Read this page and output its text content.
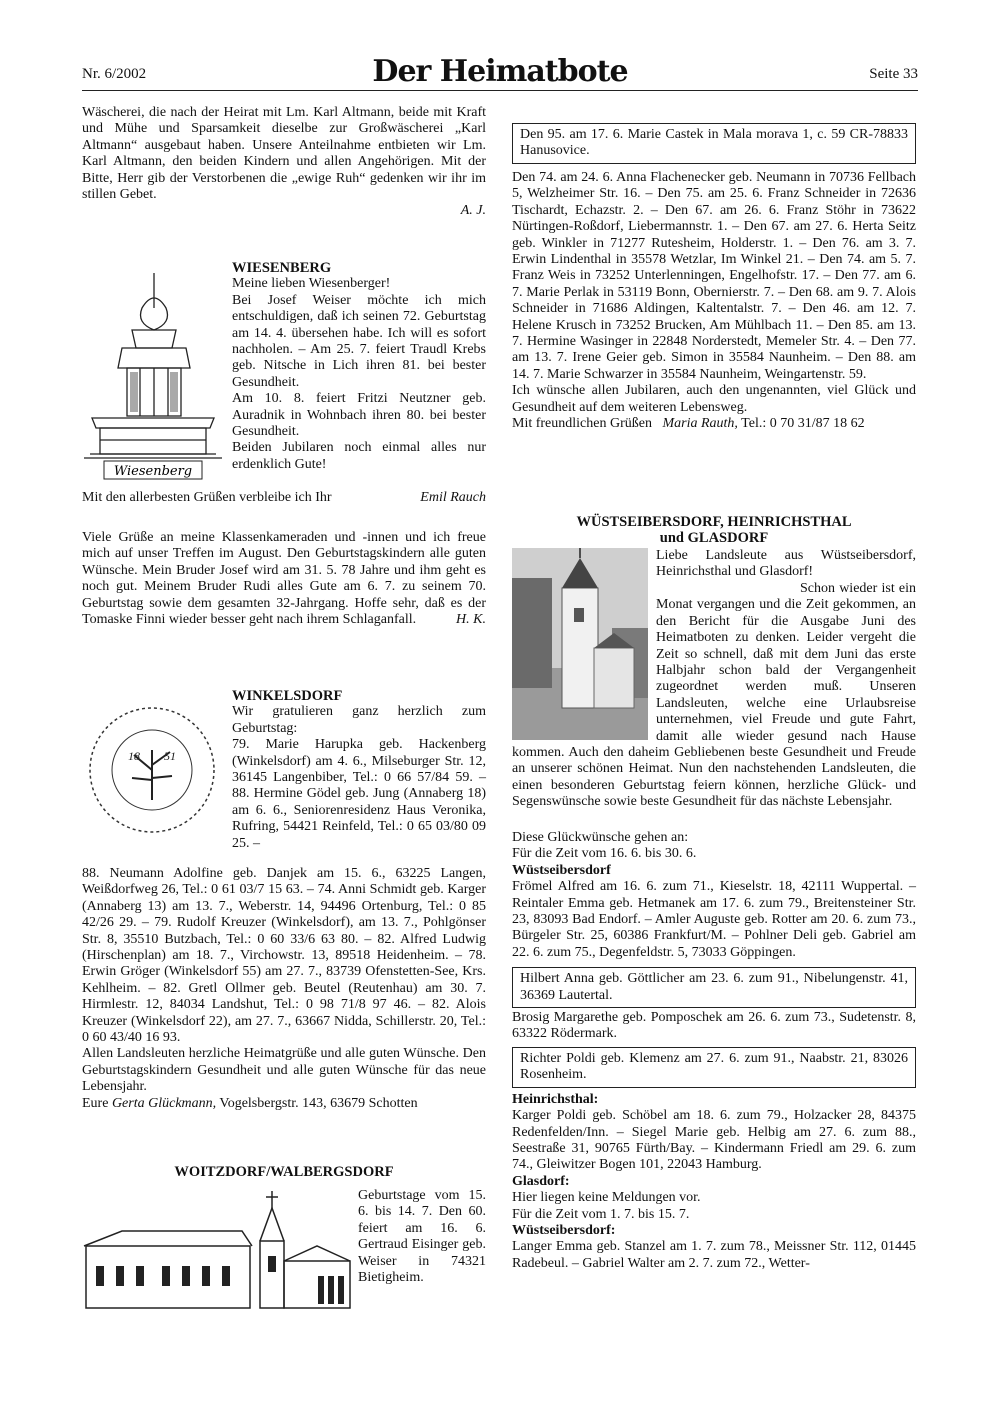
Nr. 6/2002	Der Heimatbote	Seite 33

Wäscherei, die nach der Heirat mit Lm. Karl Altmann, beide mit Kraft und Mühe und Sparsamkeit dieselbe zur Großwäscherei „Karl Altmann“ ausgebaut haben. Unsere Anteilnahme entbieten wir Lm. Karl Altmann, den beiden Kindern und allen Angehörigen. Mit der Bitte, Herr gib der Verstorbenen die „ewige Ruh“ gedenken wir ihr im stillen Gebet.

A. J.

Wiesenberg

WIESENBERG

Meine lieben Wiesenberger!

Bei Josef Weiser möchte ich mich entschuldigen, daß ich seinen 72. Geburtstag am 14. 4. übersehen habe. Ich will es sofort nachholen. – Am 25. 7. feiert Traudl Krebs geb. Nitsche in Lich ihren 81. bei bester Gesundheit.

Am 10. 8. feiert Fritzi Neutzner geb. Auradnik in Wohnbach ihren 80. bei bester Gesundheit.

Beiden Jubilaren noch einmal alles nur erdenklich Gute!

Mit den allerbesten Grüßen verbleibe ich Ihr	Emil Rauch

Viele Grüße an meine Klassenkameraden und -innen und ich freue mich auf unser Treffen im August. Den Geburtstagskindern alle guten Wünsche. Mein Bruder Josef wird am 31. 5. 78 Jahre und ihm geht es noch gut. Meinem Bruder Rudi alles Gute am 6. 7. zu seinem 70. Geburtstag sowie dem gesamten 32-Jahrgang. Hoffe sehr, daß es der Tomaske Finni wieder besser geht nach ihrem Schlaganfall.	H. K.

18 51
VORSTAND D. VEREIN D. GEMEINDE WINKELSDORF 18 51	WINKELSDORF

Wir gratulieren ganz herzlich zum Geburtstag:

79. Marie Harupka geb. Hackenberg (Winkelsdorf) am 4. 6., Milseburger Str. 12, 36145 Langenbiber, Tel.: 0 66 57/84 59. – 88. Hermine Gödel geb. Jung (Annaberg 18) am 6. 6., Seniorenresidenz Haus Veronika, Rufring, 54421 Reinfeld, Tel.: 0 65 03/80 09 25. –

88. Neumann Adolfine geb. Danjek am 15. 6., 63225 Langen, Weißdorfweg 26, Tel.: 0 61 03/7 15 63. – 74. Anni Schmidt geb. Karger (Annaberg 13) am 13. 7., Weberstr. 14, 94496 Ortenburg, Tel.: 0 85 42/26 29. – 79. Rudolf Kreuzer (Winkelsdorf), am 13. 7., Pohlgönser Str. 8, 35510 Butzbach, Tel.: 0 60 33/6 63 80. – 82. Alfred Ludwig (Hirschenplan) am 18. 7., Virchowstr. 13, 89518 Heidenheim. – 78. Erwin Gröger (Winkelsdorf 55) am 27. 7., 83739 Ofenstetten-See, Krs. Kehlheim. – 82. Gretl Ollmer geb. Beutel (Reutenhau) am 30. 7. Hirmlestr. 12, 84034 Landshut, Tel.: 0 98 71/8 97 46. – 82. Alois Kreuzer (Winkelsdorf 22), am 27. 7., 63667 Nidda, Schillerstr. 20, Tel.: 0 60 43/40 16 93.

Allen Landsleuten herzliche Heimatgrüße und alle guten Wünsche. Den Geburtstagskindern Gesundheit und alle guten Wünsche für das neue Lebensjahr.

Eure Gerta Glückmann, Vogelsbergstr. 143, 63679 Schotten

WOITZDORF/WALBERGSDORF

Geburtstage vom 15. 6. bis 14. 7. Den 60. feiert am 16. 6. Gertraud Eisinger geb. Weiser in 74321 Bietigheim.

Den 95. am 17. 6. Marie Castek in Mala morava 1, c. 59 CR-78833 Hanusovice.

Den 74. am 24. 6. Anna Flachenecker geb. Neumann in 70736 Fellbach 5, Welzheimer Str. 16. – Den 75. am 25. 6. Franz Schneider in 72636 Tischardt, Echazstr. 2. – Den 67. am 26. 6. Franz Stöhr in 73622 Nürtingen-Roßdorf, Liebermannstr. 1. – Den 67. am 27. 6. Herta Seitz geb. Winkler in 71277 Rutesheim, Holderstr. 1. – Den 76. am 3. 7. Erwin Lindenthal in 35578 Wetzlar, Im Winkel 21. – Den 74. am 5. 7. Franz Weis in 73252 Unterlenningen, Engelhofstr. 17. – Den 77. am 6. 7. Marie Perlak in 53119 Bonn, Obernierstr. 7. – Den 68. am 9. 7. Alois Schneider in 71686 Aldingen, Kaltentalstr. 7. – Den 46. am 12. 7. Helene Krusch in 73252 Brucken, Am Mühlbach 11. – Den 85. am 13. 7. Hermine Wasinger in 22848 Norderstedt, Memeler Str. 4. – Den 77. am 13. 7. Irene Geier geb. Simon in 35584 Naunheim. – Den 88. am 14. 7. Marie Schwarzer in 35584 Naunheim, Weingartenstr. 59.

Ich wünsche allen Jubilaren, auch den ungenannten, viel Glück und Gesundheit auf dem weiteren Lebensweg.

Mit freundlichen Grüßen Maria Rauth, Tel.: 0 70 31/87 18 62

WÜSTSEIBERSDORF, HEINRICHSTHAL

und GLASDORF

Liebe Landsleute aus Wüstseibersdorf, Heinrichsthal und Glasdorf!

Schon wieder ist ein Monat vergangen und die Zeit gekommen, an den Bericht für die Ausgabe Juni des Heimatboten zu denken. Leider vergeht die Zeit so schnell, daß mit dem Juni das erste Halbjahr schon bald der Vergangenheit zugeordnet werden muß. Unseren Landsleuten, welche eine Urlaubsreise unternehmen, viel Freude und gute Fahrt, damit alle wieder gesund nach Hause kommen. Auch den daheim Gebliebenen beste Gesundheit und Freude an unserer schönen Heimat. Nun den nachstehenden Landsleuten, die einen besonderen Geburtstag feiern können, herzliche Glück- und Segenswünsche sowie beste Gesundheit für das nächste Lebensjahr.

Diese Glückwünsche gehen an:

Für die Zeit vom 16. 6. bis 30. 6.

Wüstseibersdorf

Frömel Alfred am 16. 6. zum 71., Kieselstr. 18, 42111 Wuppertal. – Reintaler Emma geb. Hetmanek am 17. 6. zum 79., Breitensteiner Str. 23, 83093 Bad Endorf. – Amler Auguste geb. Rotter am 20. 6. zum 73., Bürgeler Str. 25, 60386 Frankfurt/M. – Pohlner Deli geb. Gabriel am 22. 6. zum 75., Degenfeldstr. 5, 73033 Göppingen.

Hilbert Anna geb. Göttlicher am 23. 6. zum 91., Nibelungenstr. 41, 36369 Lautertal.

Brosig Margarethe geb. Pomposchek am 26. 6. zum 73., Sudetenstr. 8, 63322 Rödermark.

Richter Poldi geb. Klemenz am 27. 6. zum 91., Naabstr. 21, 83026 Rosenheim.

Heinrichsthal:

Karger Poldi geb. Schöbel am 18. 6. zum 79., Holzacker 28, 84375 Redenfelden/Inn. – Siegel Marie geb. Helbig am 27. 6. zum 88., Seestraße 31, 90765 Fürth/Bay. – Kindermann Friedl am 29. 6. zum 74., Gleiwitzer Bogen 101, 22043 Hamburg.

Glasdorf:

Hier liegen keine Meldungen vor.

Für die Zeit vom 1. 7. bis 15. 7.

Wüstseibersdorf:

Langer Emma geb. Stanzel am 1. 7. zum 78., Meissner Str. 112, 01445 Radebeul. – Gabriel Walter am 2. 7. zum 72., Wetter-
